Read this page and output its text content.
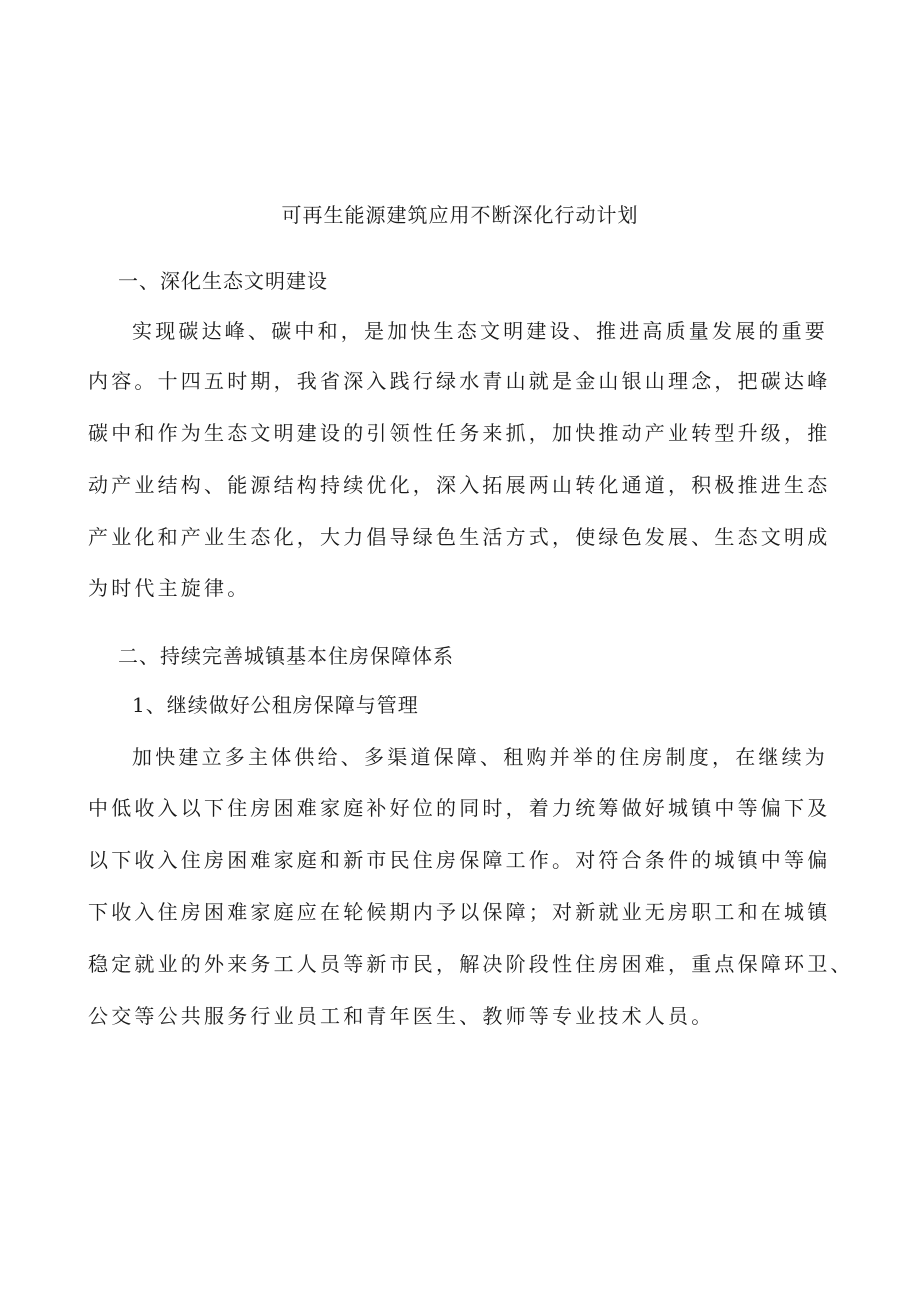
可再生能源建筑应用不断深化行动计划
一、深化生态文明建设
实现碳达峰、碳中和，是加快生态文明建设、推进高质量发展的重要
内容。十四五时期，我省深入践行绿水青山就是金山银山理念，把碳达峰
碳中和作为生态文明建设的引领性任务来抓，加快推动产业转型升级，推
动产业结构、能源结构持续优化，深入拓展两山转化通道，积极推进生态
产业化和产业生态化，大力倡导绿色生活方式，使绿色发展、生态文明成
为时代主旋律。
二、持续完善城镇基本住房保障体系
1、继续做好公租房保障与管理
加快建立多主体供给、多渠道保障、租购并举的住房制度，在继续为
中低收入以下住房困难家庭补好位的同时，着力统筹做好城镇中等偏下及
以下收入住房困难家庭和新市民住房保障工作。对符合条件的城镇中等偏
下收入住房困难家庭应在轮候期内予以保障；对新就业无房职工和在城镇
稳定就业的外来务工人员等新市民，解决阶段性住房困难，重点保障环卫、
公交等公共服务行业员工和青年医生、教师等专业技术人员。
